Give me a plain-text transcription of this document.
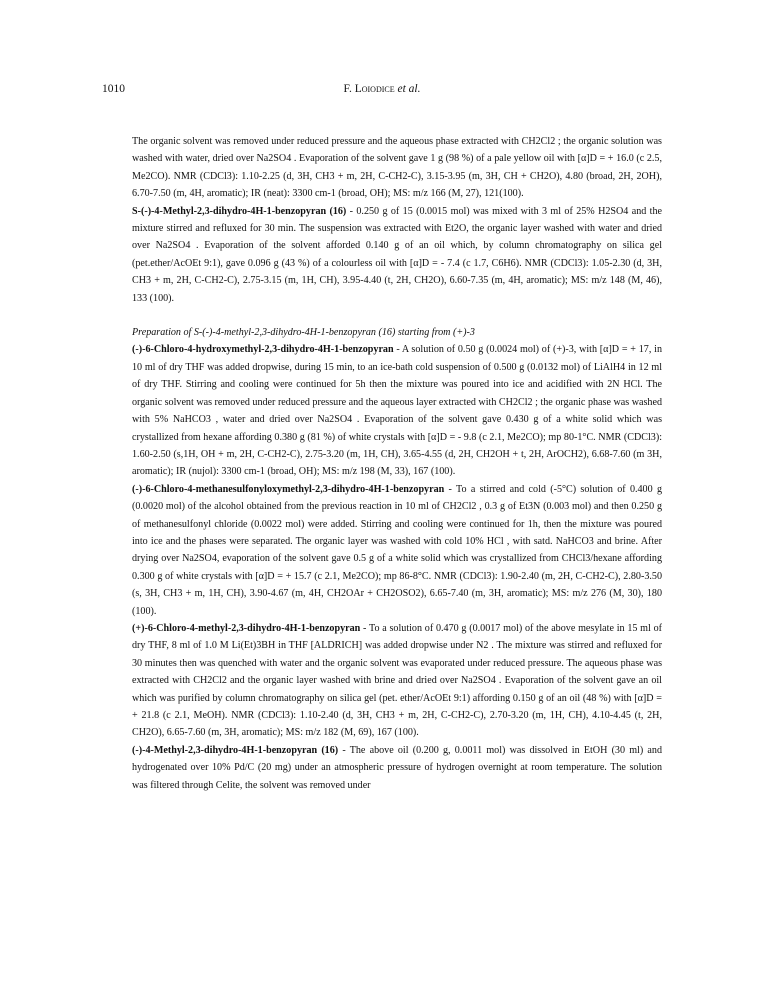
1010	F. Loiodice et al.

The organic solvent was removed under reduced pressure and the aqueous phase extracted with CH2Cl2 ; the organic solution was washed with water, dried over Na2SO4 . Evaporation of the solvent gave 1 g (98 %) of a pale yellow oil with [α]D = + 16.0 (c 2.5, Me2CO). NMR (CDCl3): 1.10-2.25 (d, 3H, CH3 + m, 2H, C-CH2-C), 3.15-3.95 (m, 3H, CH + CH2O), 4.80 (broad, 2H, 2OH), 6.70-7.50 (m, 4H, aromatic); IR (neat): 3300 cm-1 (broad, OH); MS: m/z 166 (M, 27), 121(100).

S-(-)-4-Methyl-2,3-dihydro-4H-1-benzopyran (16) - 0.250 g of 15 (0.0015 mol) was mixed with 3 ml of 25% H2SO4 and the mixture stirred and refluxed for 30 min. The suspension was extracted with Et2O, the organic layer washed with water and dried over Na2SO4 . Evaporation of the solvent afforded 0.140 g of an oil which, by column chromatography on silica gel (pet.ether/AcOEt 9:1), gave 0.096 g (43 %) of a colourless oil with [α]D = - 7.4 (c 1.7, C6H6). NMR (CDCl3): 1.05-2.30 (d, 3H, CH3 + m, 2H, C-CH2-C), 2.75-3.15 (m, 1H, CH), 3.95-4.40 (t, 2H, CH2O), 6.60-7.35 (m, 4H, aromatic); MS: m/z 148 (M, 46), 133 (100).

Preparation of S-(-)-4-methyl-2,3-dihydro-4H-1-benzopyran (16) starting from (+)-3

(-)-6-Chloro-4-hydroxymethyl-2,3-dihydro-4H-1-benzopyran - A solution of 0.50 g (0.0024 mol) of (+)-3, with [α]D = + 17, in 10 ml of dry THF was added dropwise, during 15 min, to an ice-bath cold suspension of 0.500 g (0.0132 mol) of LiAlH4 in 12 ml of dry THF. Stirring and cooling were continued for 5h then the mixture was poured into ice and acidified with 2N HCl. The organic solvent was removed under reduced pressure and the aqueous layer extracted with CH2Cl2 ; the organic phase was washed with 5% NaHCO3 , water and dried over Na2SO4 . Evaporation of the solvent gave 0.430 g of a white solid which was crystallized from hexane affording 0.380 g (81 %) of white crystals with [α]D = - 9.8 (c 2.1, Me2CO); mp 80-1°C. NMR (CDCl3): 1.60-2.50 (s,1H, OH + m, 2H, C-CH2-C), 2.75-3.20 (m, 1H, CH), 3.65-4.55 (d, 2H, CH2OH + t, 2H, ArOCH2), 6.68-7.60 (m 3H, aromatic); IR (nujol): 3300 cm-1 (broad, OH); MS: m/z 198 (M, 33), 167 (100).

(-)-6-Chloro-4-methanesulfonyloxymethyl-2,3-dihydro-4H-1-benzopyran - To a stirred and cold (-5°C) solution of 0.400 g (0.0020 mol) of the alcohol obtained from the previous reaction in 10 ml of CH2Cl2 , 0.3 g of Et3N (0.003 mol) and then 0.250 g of methanesulfonyl chloride (0.0022 mol) were added. Stirring and cooling were continued for 1h, then the mixture was poured into ice and the phases were separated. The organic layer was washed with cold 10% HCl , with satd. NaHCO3 and brine. After drying over Na2SO4, evaporation of the solvent gave 0.5 g of a white solid which was crystallized from CHCl3/hexane affording 0.300 g of white crystals with [α]D = + 15.7 (c 2.1, Me2CO); mp 86-8°C. NMR (CDCl3): 1.90-2.40 (m, 2H, C-CH2-C), 2.80-3.50 (s, 3H, CH3 + m, 1H, CH), 3.90-4.67 (m, 4H, CH2OAr + CH2OSO2), 6.65-7.40 (m, 3H, aromatic); MS: m/z 276 (M, 30), 180 (100).

(+)-6-Chloro-4-methyl-2,3-dihydro-4H-1-benzopyran - To a solution of 0.470 g (0.0017 mol) of the above mesylate in 15 ml of dry THF, 8 ml of 1.0 M Li(Et)3BH in THF [ALDRICH] was added dropwise under N2 . The mixture was stirred and refluxed for 30 minutes then was quenched with water and the organic solvent was evaporated under reduced pressure. The aqueous phase was extracted with CH2Cl2 and the organic layer washed with brine and dried over Na2SO4 . Evaporation of the solvent gave an oil which was purified by column chromatography on silica gel (pet. ether/AcOEt 9:1) affording 0.150 g of an oil (48 %) with [α]D = + 21.8 (c 2.1, MeOH). NMR (CDCl3): 1.10-2.40 (d, 3H, CH3 + m, 2H, C-CH2-C), 2.70-3.20 (m, 1H, CH), 4.10-4.45 (t, 2H, CH2O), 6.65-7.60 (m, 3H, aromatic); MS: m/z 182 (M, 69), 167 (100).

(-)-4-Methyl-2,3-dihydro-4H-1-benzopyran (16) - The above oil (0.200 g, 0.0011 mol) was dissolved in EtOH (30 ml) and hydrogenated over 10% Pd/C (20 mg) under an atmospheric pressure of hydrogen overnight at room temperature. The solution was filtered through Celite, the solvent was removed under
